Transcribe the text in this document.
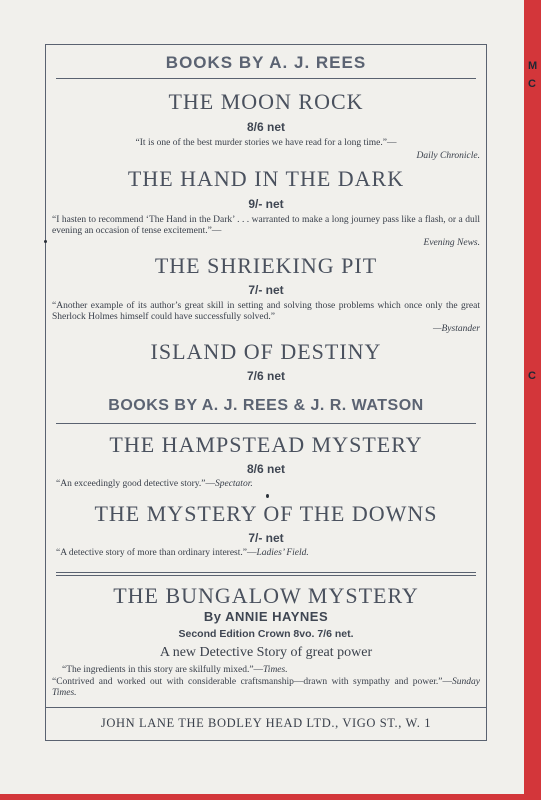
M
C
C
BOOKS BY A. J. REES
THE MOON ROCK
8/6 net
“It is one of the best murder stories we have read for a long time.”—
Daily Chronicle.
THE HAND IN THE DARK
9/- net
“I hasten to recommend ‘The Hand in the Dark’ . . . warranted to make a long journey pass like a flash, or a dull evening an occasion of tense excitement.”—
Evening News.
THE SHRIEKING PIT
7/- net
“Another example of its author’s great skill in setting and solving those problems which once only the great Sherlock Holmes himself could have successfully solved.”
—Bystander
ISLAND OF DESTINY
7/6 net
BOOKS BY A. J. REES & J. R. WATSON
THE HAMPSTEAD MYSTERY
8/6 net
“An exceedingly good detective story.”—Spectator.
THE MYSTERY OF THE DOWNS
7/- net
“A detective story of more than ordinary interest.”—Ladies’ Field.
THE BUNGALOW MYSTERY
By ANNIE HAYNES
Second Edition Crown 8vo. 7/6 net.
A new Detective Story of great power
“The ingredients in this story are skilfully mixed.”—Times.
“Contrived and worked out with considerable craftsmanship—drawn with sympathy and power.”—Sunday Times.
JOHN LANE THE BODLEY HEAD LTD., VIGO ST., W. 1
